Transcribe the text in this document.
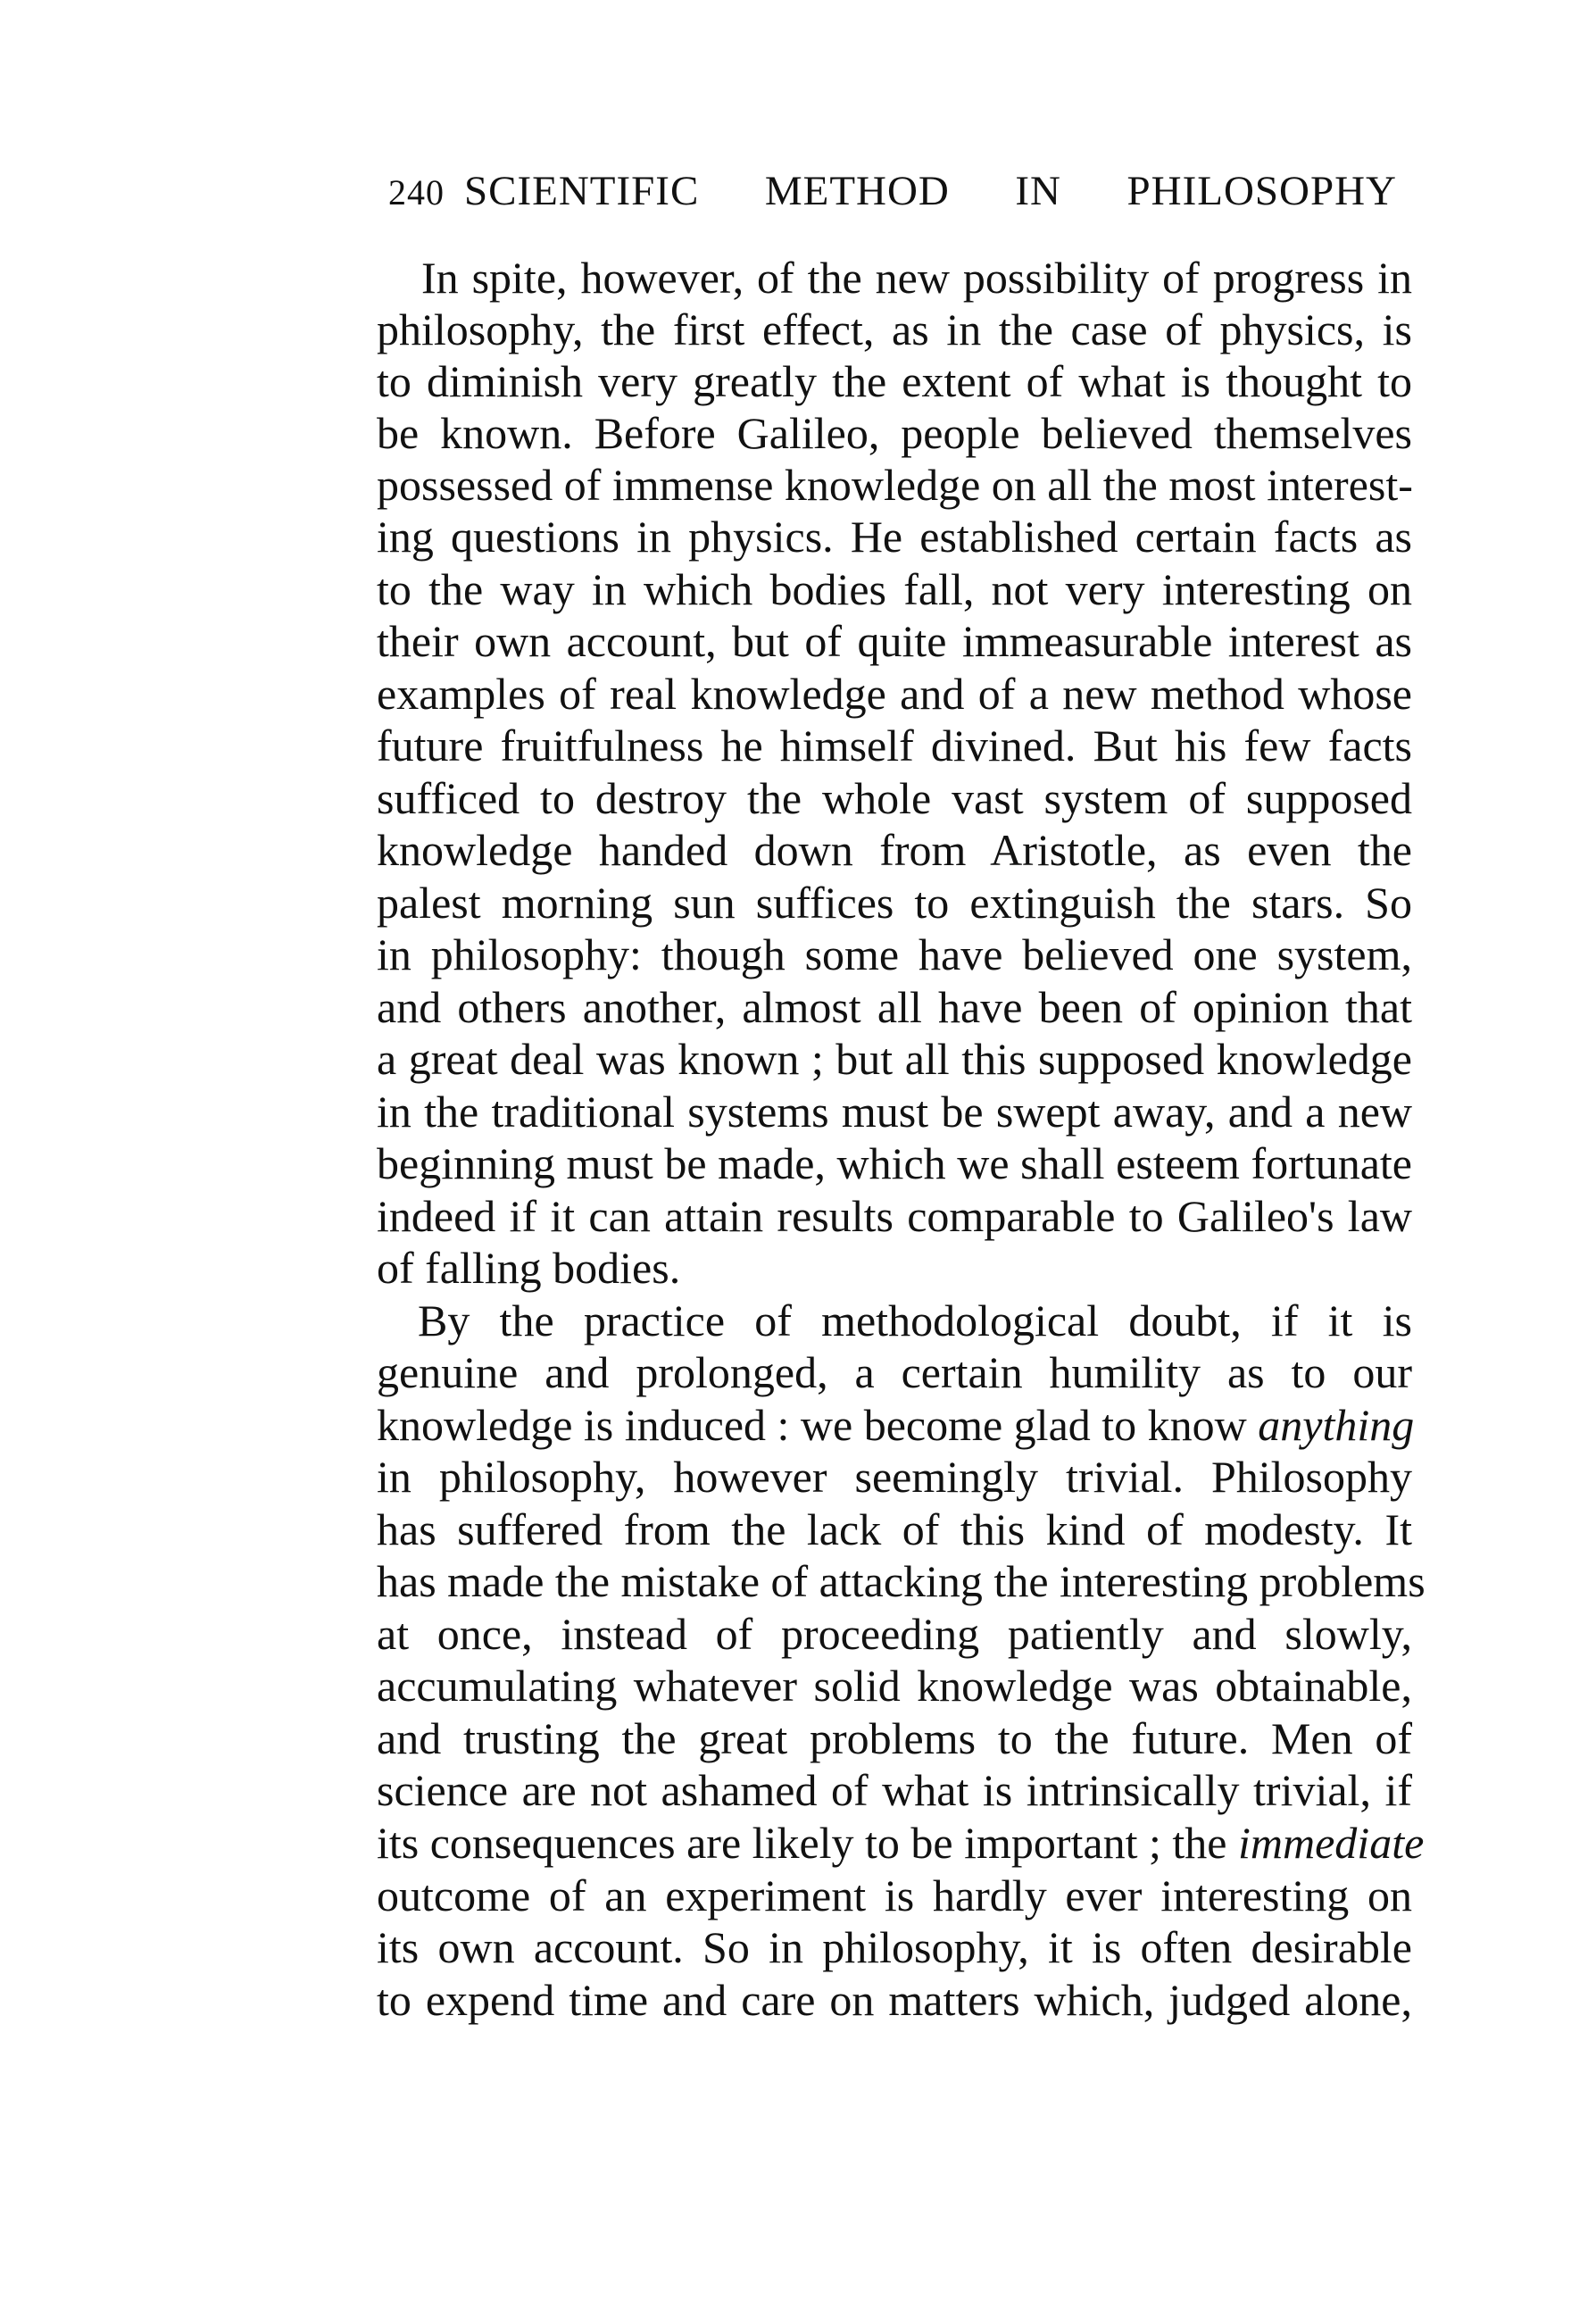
240 SCIENTIFIC METHOD IN PHILOSOPHY
In spite, however, of the new possibility of progress in
philosophy, the first effect, as in the case of physics, is
to diminish very greatly the extent of what is thought to
be known. Before Galileo, people believed themselves
possessed of immense knowledge on all the most interest-
ing questions in physics. He established certain facts as
to the way in which bodies fall, not very interesting on
their own account, but of quite immeasurable interest as
examples of real knowledge and of a new method whose
future fruitfulness he himself divined. But his few facts
sufficed to destroy the whole vast system of supposed
knowledge handed down from Aristotle, as even the
palest morning sun suffices to extinguish the stars. So
in philosophy: though some have believed one system,
and others another, almost all have been of opinion that
a great deal was known ; but all this supposed knowledge
in the traditional systems must be swept away, and a new
beginning must be made, which we shall esteem fortunate
indeed if it can attain results comparable to Galileo's law
of falling bodies.
By the practice of methodological doubt, if it is
genuine and prolonged, a certain humility as to our
knowledge is induced : we become glad to know anything
in philosophy, however seemingly trivial. Philosophy
has suffered from the lack of this kind of modesty. It
has made the mistake of attacking the interesting problems
at once, instead of proceeding patiently and slowly,
accumulating whatever solid knowledge was obtainable,
and trusting the great problems to the future. Men of
science are not ashamed of what is intrinsically trivial, if
its consequences are likely to be important ; the immediate
outcome of an experiment is hardly ever interesting on
its own account. So in philosophy, it is often desirable
to expend time and care on matters which, judged alone,
